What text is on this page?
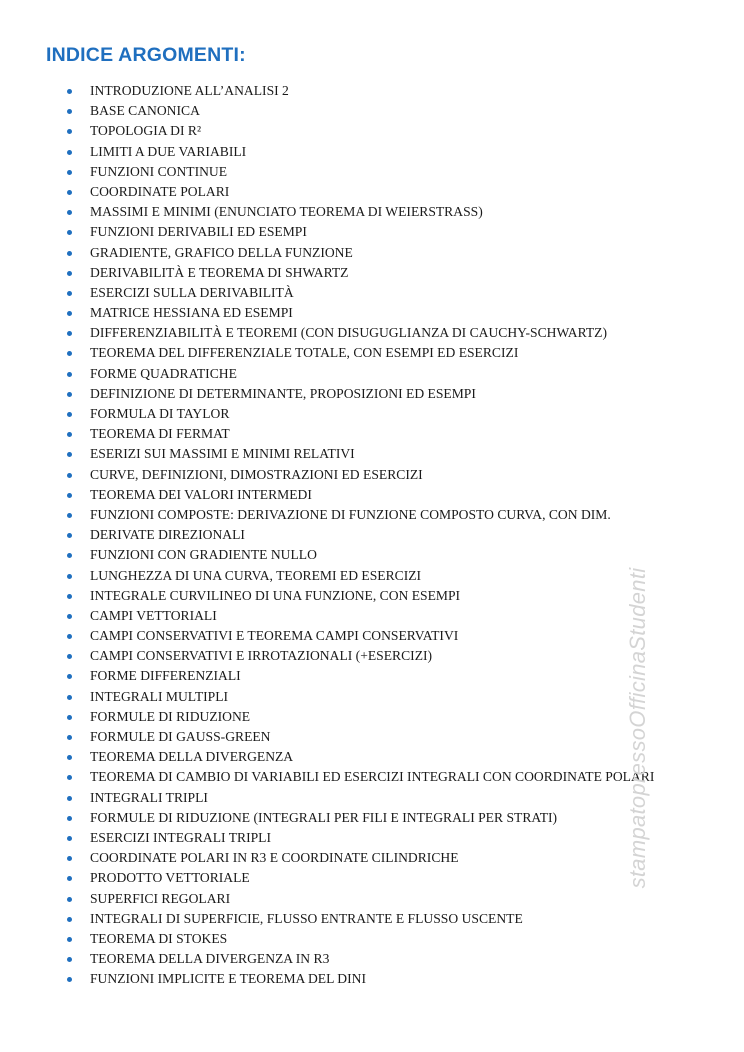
INDICE ARGOMENTI:
INTRODUZIONE ALL’ANALISI 2
BASE CANONICA
TOPOLOGIA DI R²
LIMITI A DUE VARIABILI
FUNZIONI CONTINUE
COORDINATE POLARI
MASSIMI E MINIMI (ENUNCIATO TEOREMA DI WEIERSTRASS)
FUNZIONI DERIVABILI ED ESEMPI
GRADIENTE, GRAFICO DELLA FUNZIONE
DERIVABILITÀ E TEOREMA DI SHWARTZ
ESERCIZI SULLA DERIVABILITÀ
MATRICE HESSIANA ED ESEMPI
DIFFERENZIABILITÀ E TEOREMI (CON DISUGUGLIANZA DI CAUCHY-SCHWARTZ)
TEOREMA DEL DIFFERENZIALE TOTALE, CON ESEMPI ED ESERCIZI
FORME QUADRATICHE
DEFINIZIONE DI DETERMINANTE, PROPOSIZIONI ED ESEMPI
FORMULA DI TAYLOR
TEOREMA DI FERMAT
ESERIZI SUI MASSIMI E MINIMI RELATIVI
CURVE, DEFINIZIONI, DIMOSTRAZIONI ED ESERCIZI
TEOREMA DEI VALORI INTERMEDI
FUNZIONI COMPOSTE: DERIVAZIONE DI FUNZIONE COMPOSTO CURVA, CON DIM.
DERIVATE DIREZIONALI
FUNZIONI CON GRADIENTE NULLO
LUNGHEZZA DI UNA CURVA, TEOREMI ED ESERCIZI
INTEGRALE CURVILINEO DI UNA FUNZIONE, CON ESEMPI
CAMPI VETTORIALI
CAMPI CONSERVATIVI E TEOREMA CAMPI CONSERVATIVI
CAMPI CONSERVATIVI E IRROTAZIONALI (+ESERCIZI)
FORME DIFFERENZIALI
INTEGRALI MULTIPLI
FORMULE DI RIDUZIONE
FORMULE DI GAUSS-GREEN
TEOREMA DELLA DIVERGENZA
TEOREMA DI CAMBIO DI VARIABILI ED ESERCIZI INTEGRALI CON COORDINATE POLARI
INTEGRALI TRIPLI
FORMULE DI RIDUZIONE (INTEGRALI PER FILI E INTEGRALI PER STRATI)
ESERCIZI INTEGRALI TRIPLI
COORDINATE POLARI IN R3 E COORDINATE CILINDRICHE
PRODOTTO VETTORIALE
SUPERFICI REGOLARI
INTEGRALI DI SUPERFICIE, FLUSSO ENTRANTE E FLUSSO USCENTE
TEOREMA DI STOKES
TEOREMA DELLA DIVERGENZA IN R3
FUNZIONI IMPLICITE E TEOREMA DEL DINI
stampatopressoOfficinaStudenti
